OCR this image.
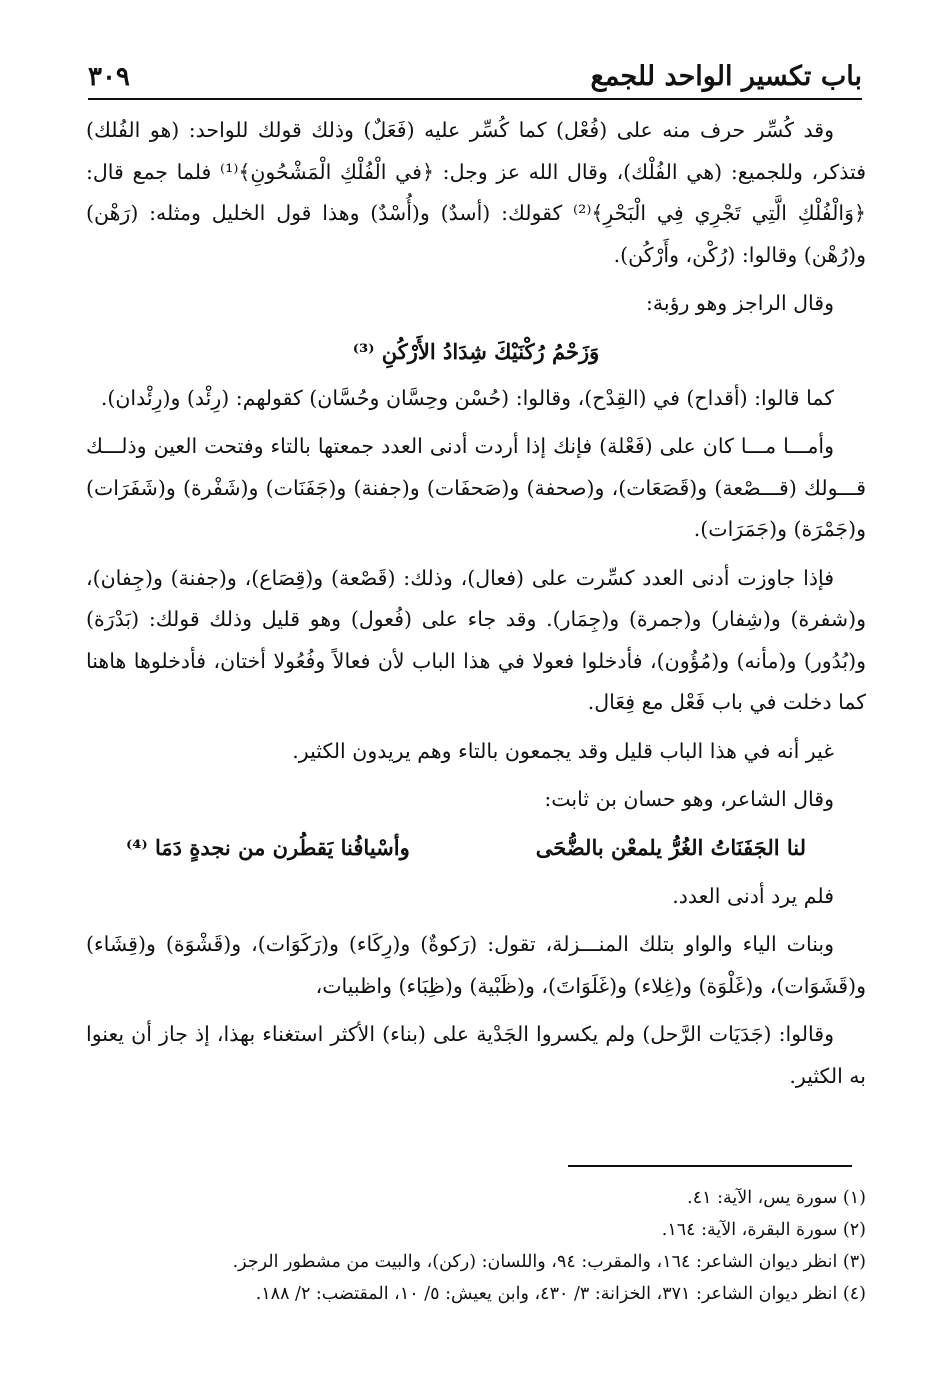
باب تكسير الواحد للجمع
٣٠٩

وقد كُسِّر حرف منه على (فُعْل) كما كُسِّر عليه (فَعَلٌ) وذلك قولك للواحد: (هو الفُلك) فتذكر، وللجميع: (هي الفُلْك)، وقال الله عز وجل: ﴿في الْفُلْكِ الْمَشْحُونِ﴾⁽¹⁾ فلما جمع قال: ﴿وَالْفُلْكِ الَّتِي تَجْرِي فِي الْبَحْرِ﴾⁽²⁾ كقولك: (أسدٌ) و(أُسْدٌ) وهذا قول الخليل ومثله: (رَهْن) و(رُهْن) وقالوا: (رُكْن، وأَرْكُن).

وقال الراجز وهو رؤبة:

وَزَحْمُ رُكْنَيْكَ شِدَادُ الأَرْكُنِ ⁽³⁾

كما قالوا: (أقداح) في (القِدْح)، وقالوا: (حُسْن وحِسَّان وحُسَّان) كقولهم: (رِئْد) و(رِئْدان).

وأمـــا مـــا كان على (فَعْلة) فإنك إذا أردت أدنى العدد جمعتها بالتاء وفتحت العين وذلـــك قـــولك (قـــصْعة) و(قَصَعَات)، و(صحفة) و(صَحفَات) و(جفنة) و(جَفَنَات) و(شَفْرة) و(شَفَرَات) و(جَمْرَة) و(جَمَرَات).

فإذا جاوزت أدنى العدد كسِّرت على (فعال)، وذلك: (قَصْعة) و(قِصَاع)، و(جفنة) و(جِفان)، و(شفرة) و(شِفار) و(جمرة) و(جِمَار). وقد جاء على (فُعول) وهو قليل وذلك قولك: (بَدْرَة) و(بُدُور) و(مأنه) و(مُؤُون)، فأدخلوا فعولا في هذا الباب لأن فعالاً وفُعُولا أختان، فأدخلوها هاهنا كما دخلت في باب فَعْل مع فِعَال.

غير أنه في هذا الباب قليل وقد يجمعون بالتاء وهم يريدون الكثير.

وقال الشاعر، وهو حسان بن ثابت:

لنا الجَفَنَاتُ الغُرُّ يلمعْن بالضُّحَى
وأسْيافُنا يَقطُرن من نجدةٍ دَمَا ⁽⁴⁾

فلم يرد أدنى العدد.

وبنات الياء والواو بتلك المنـــزلة، تقول: (رَكوةٌ) و(رِكَاء) و(رَكَوَات)، و(قَشْوَة) و(قِشَاء) و(قَشَوَات)، و(غَلْوَة) و(غِلاء) و(غَلَوَاتَ)، و(ظَبْية) و(ظِبَاء) واظبيات،

وقالوا: (جَدَيَات الرَّحل) ولم يكسروا الجَدْية على (بناء) الأكثر استغناء بهذا، إذ جاز أن يعنوا به الكثير.

(١) سورة يس، الآية: ٤١.

(٢) سورة البقرة، الآية: ١٦٤.

(٣) انظر ديوان الشاعر: ١٦٤، والمقرب: ٩٤، واللسان: (ركن)، والبيت من مشطور الرجز.

(٤) انظر ديوان الشاعر: ٣٧١، الخزانة: ٣/ ٤٣٠، وابن يعيش: ٥/ ١٠، المقتضب: ٢/ ١٨٨.
